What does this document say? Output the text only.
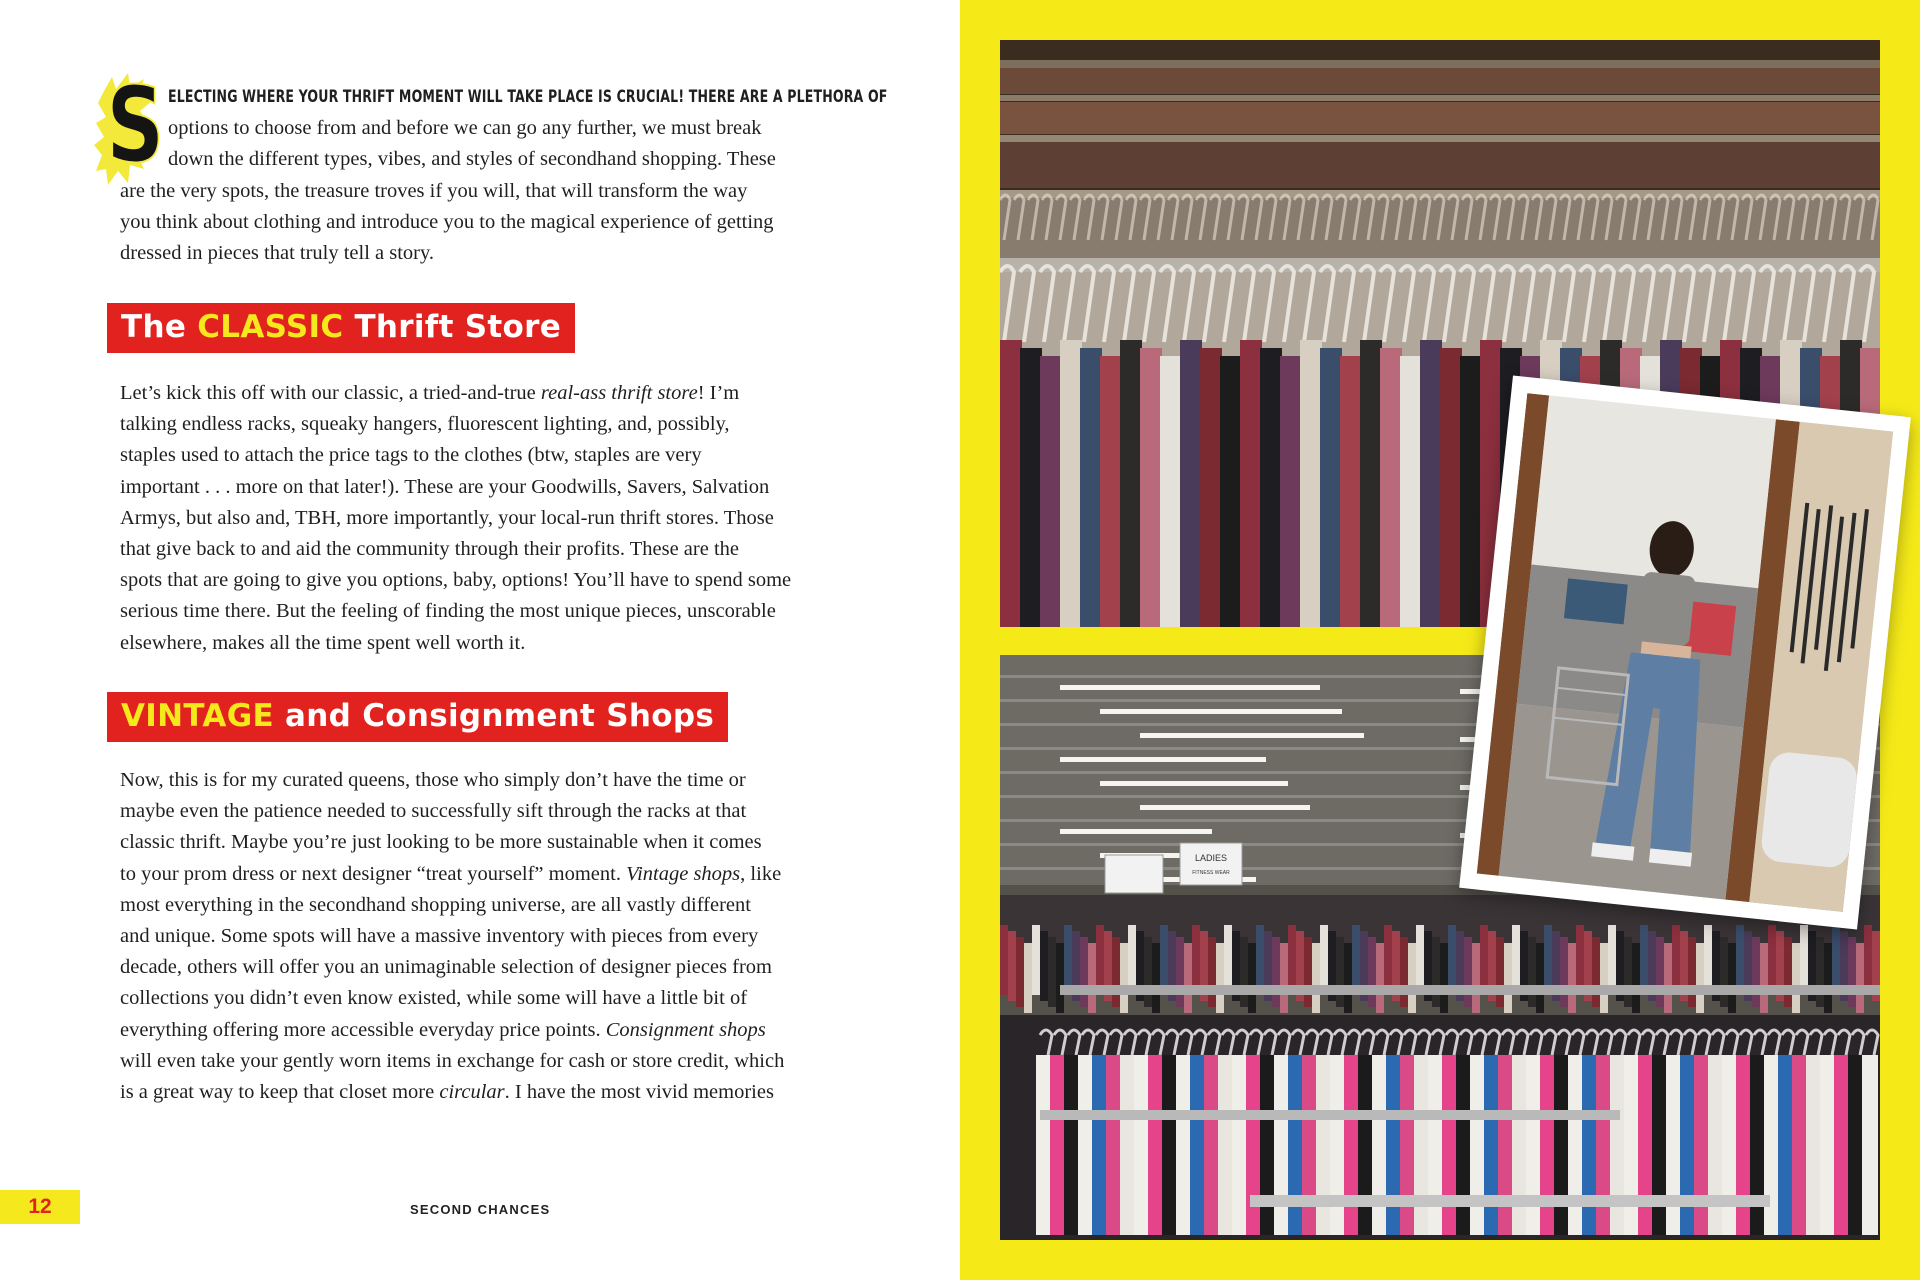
S ELECTING WHERE YOUR THRIFT MOMENT WILL TAKE PLACE IS CRUCIAL! THERE ARE A PLETHORA OF
options to choose from and before we can go any further, we must break
down the different types, vibes, and styles of secondhand shopping. These
are the very spots, the treasure troves if you will, that will transform the way
you think about clothing and introduce you to the magical experience of getting
dressed in pieces that truly tell a story.
The CLASSIC Thrift Store
Let’s kick this off with our classic, a tried-and-true real-ass thrift store! I’m
talking endless racks, squeaky hangers, fluorescent lighting, and, possibly,
staples used to attach the price tags to the clothes (btw, staples are very
important . . . more on that later!). These are your Goodwills, Savers, Salvation
Armys, but also and, TBH, more importantly, your local-run thrift stores. Those
that give back to and aid the community through their profits. These are the
spots that are going to give you options, baby, options! You’ll have to spend some
serious time there. But the feeling of finding the most unique pieces, unscorable
elsewhere, makes all the time spent well worth it.
VINTAGE and Consignment Shops
Now, this is for my curated queens, those who simply don’t have the time or
maybe even the patience needed to successfully sift through the racks at that
classic thrift. Maybe you’re just looking to be more sustainable when it comes
to your prom dress or next designer “treat yourself” moment. Vintage shops, like
most everything in the secondhand shopping universe, are all vastly different
and unique. Some spots will have a massive inventory with pieces from every
decade, others will offer you an unimaginable selection of designer pieces from
collections you didn’t even know existed, while some will have a little bit of
everything offering more accessible everyday price points. Consignment shops
will even take your gently worn items in exchange for cash or store credit, which
is a great way to keep that closet more circular. I have the most vivid memories
12	SECOND CHANCES
LADIES
FITNESS WEAR
